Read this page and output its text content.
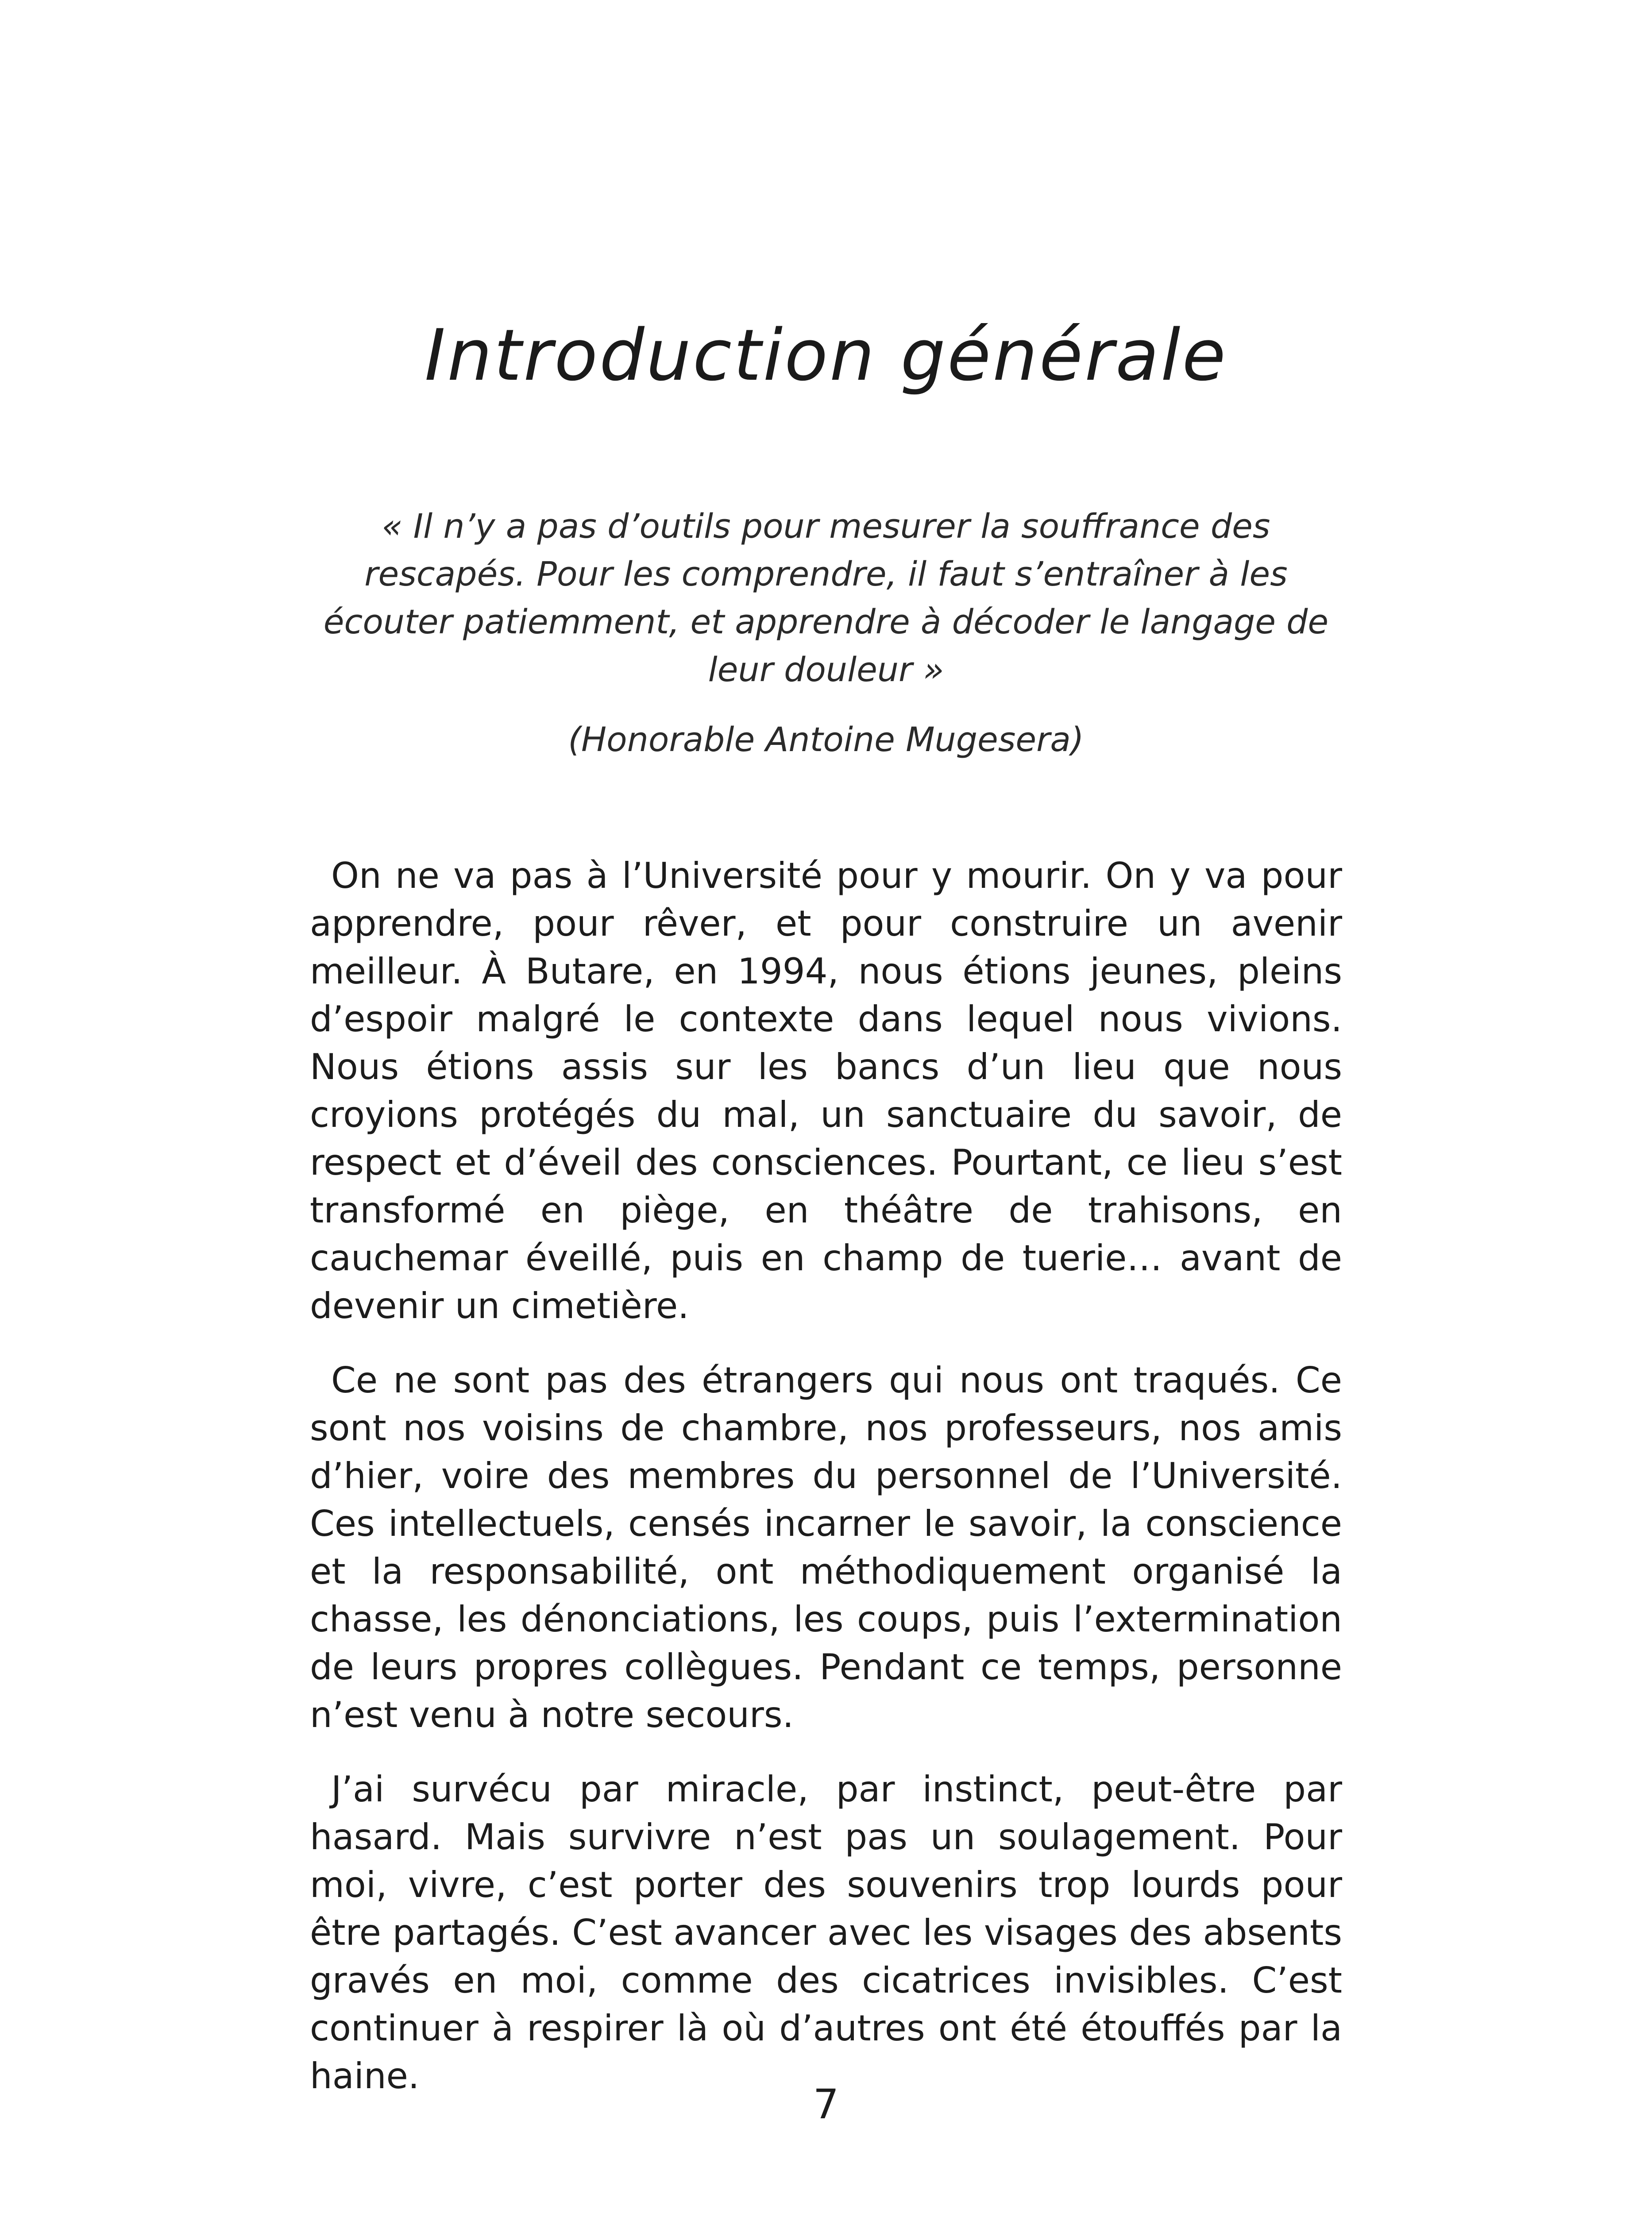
Introduction générale

« Il n’y a pas d’outils pour mesurer la souffrance des rescapés. Pour les comprendre, il faut s’entraîner à les écouter patiemment, et apprendre à décoder le langage de leur douleur »

(Honorable Antoine Mugesera)

On ne va pas à l’Université pour y mourir. On y va pour apprendre, pour rêver, et pour construire un avenir meilleur. À Butare, en 1994, nous étions jeunes, pleins d’espoir malgré le contexte dans lequel nous vivions. Nous étions assis sur les bancs d’un lieu que nous croyions protégés du mal, un sanctuaire du savoir, de respect et d’éveil des consciences. Pourtant, ce lieu s’est transformé en piège, en théâtre de trahisons, en cauchemar éveillé, puis en champ de tuerie… avant de devenir un cimetière.

Ce ne sont pas des étrangers qui nous ont traqués. Ce sont nos voisins de chambre, nos professeurs, nos amis d’hier, voire des membres du personnel de l’Université. Ces intellectuels, censés incarner le savoir, la conscience et la responsabilité, ont méthodiquement organisé la chasse, les dénonciations, les coups, puis l’extermination de leurs propres collègues. Pendant ce temps, personne n’est venu à notre secours.

J’ai survécu par miracle, par instinct, peut-être par hasard. Mais survivre n’est pas un soulagement. Pour moi, vivre, c’est porter des souvenirs trop lourds pour être partagés. C’est avancer avec les visages des absents gravés en moi, comme des cicatrices invisibles. C’est continuer à respirer là où d’autres ont été étouffés par la haine.

7
